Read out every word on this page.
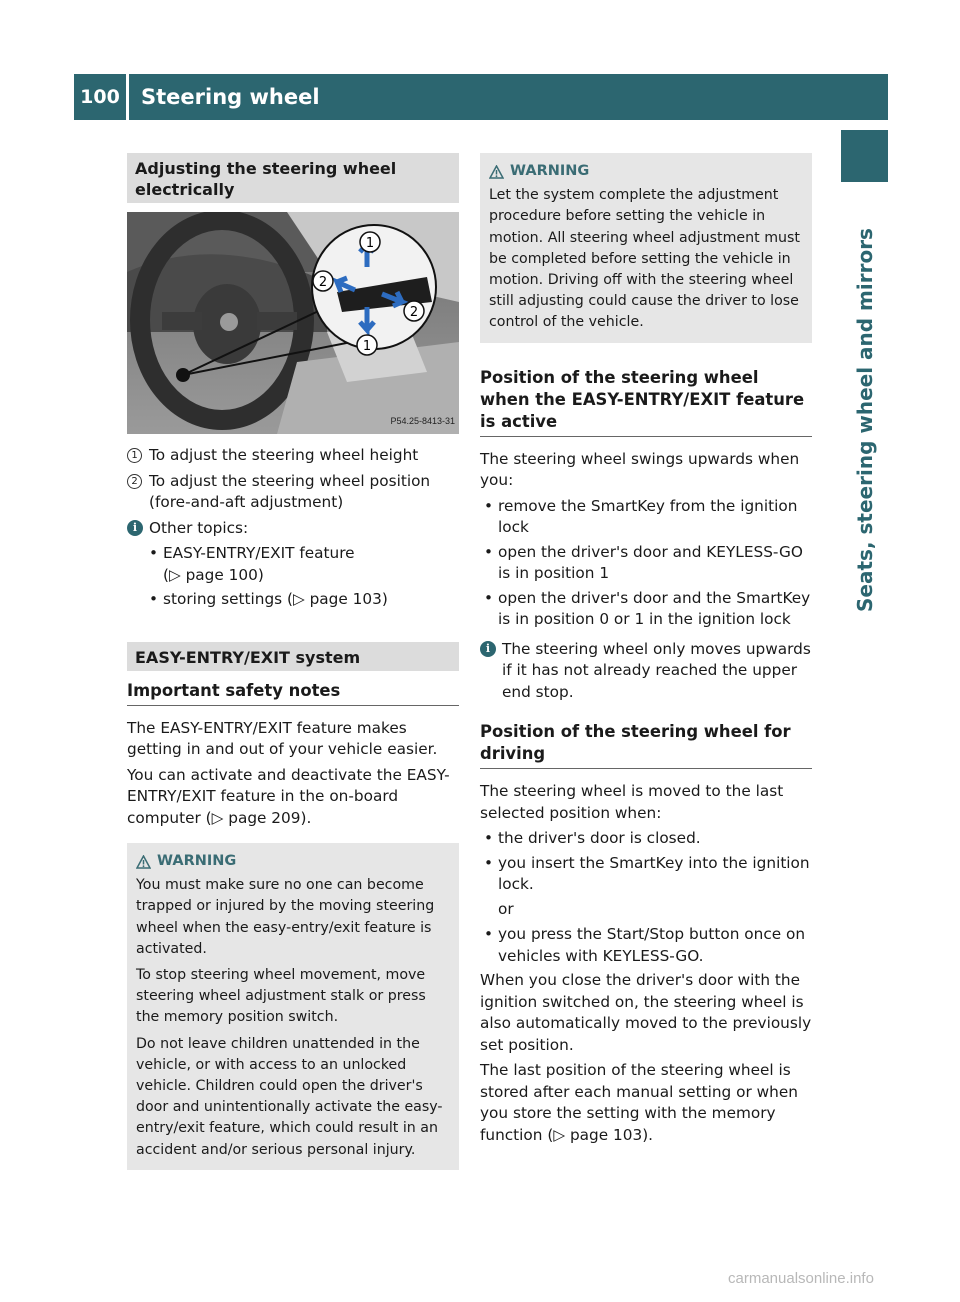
100	Steering wheel
Seats, steering wheel and mirrors
Adjusting the steering wheel electrically
1
2
2
1
P54.25-8413-31
1 To adjust the steering wheel height
2 To adjust the steering wheel position (fore-and-aft adjustment)
i Other topics:
• EASY-ENTRY/EXIT feature
(▷ page 100)
• storing settings (▷ page 103)
EASY-ENTRY/EXIT system
Important safety notes

The EASY-ENTRY/EXIT feature makes getting in and out of your vehicle easier.

You can activate and deactivate the EASY-ENTRY/EXIT feature in the on-board computer (▷ page 209).

WARNING

You must make sure no one can become trapped or injured by the moving steering wheel when the easy-entry/exit feature is activated.

To stop steering wheel movement, move steering wheel adjustment stalk or press the memory position switch.

Do not leave children unattended in the vehicle, or with access to an unlocked vehicle. Children could open the driver's door and unintentionally activate the easy-entry/exit feature, which could result in an accident and/or serious personal injury.

WARNING

Let the system complete the adjustment procedure before setting the vehicle in motion. All steering wheel adjustment must be completed before setting the vehicle in motion. Driving off with the steering wheel still adjusting could cause the driver to lose control of the vehicle.

Position of the steering wheel when the EASY-ENTRY/EXIT feature is active

The steering wheel swings upwards when you:

• remove the SmartKey from the ignition lock
• open the driver's door and KEYLESS-GO is in position 1
• open the driver's door and the SmartKey is in position 0 or 1 in the ignition lock
i The steering wheel only moves upwards if it has not already reached the upper end stop.
Position of the steering wheel for driving

The steering wheel is moved to the last selected position when:

• the driver's door is closed.
• you insert the SmartKey into the ignition lock.

or

• you press the Start/Stop button once on vehicles with KEYLESS-GO.

When you close the driver's door with the ignition switched on, the steering wheel is also automatically moved to the previously set position.

The last position of the steering wheel is stored after each manual setting or when you store the setting with the memory function (▷ page 103).

carmanualsonline.info
